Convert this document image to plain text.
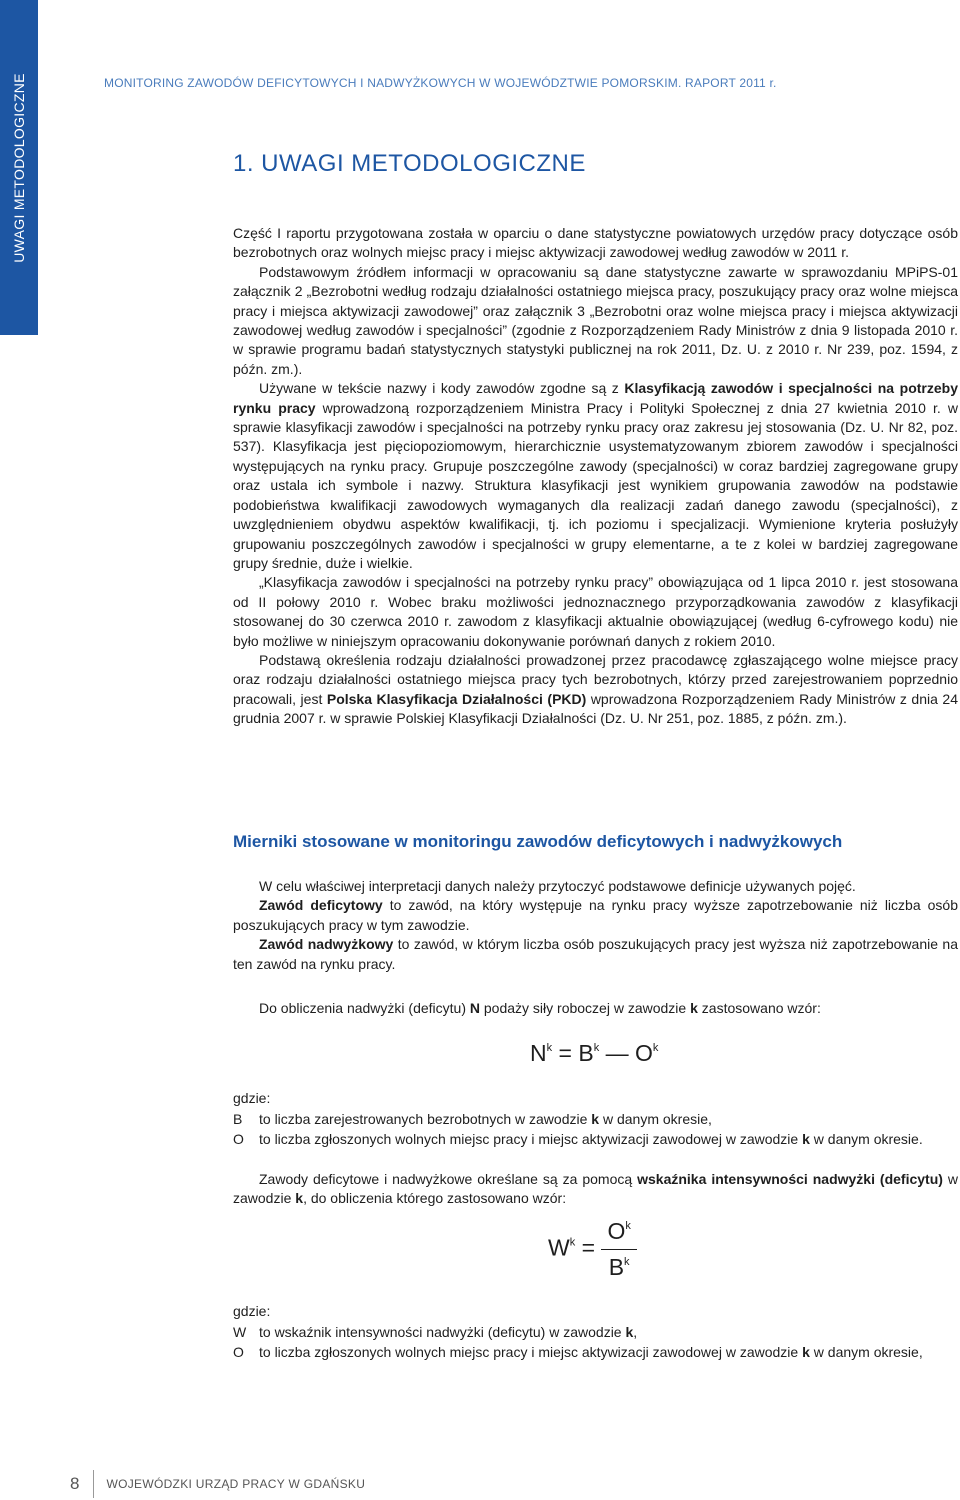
UWAGI METODOLOGICZNE	MONITORING ZAWODÓW DEFICYTOWYCH I NADWYŻKOWYCH W WOJEWÓDZTWIE POMORSKIM. RAPORT 2011 r.
1. UWAGI METODOLOGICZNE

Część I raportu przygotowana została w oparciu o dane statystyczne powiatowych urzędów pracy dotyczące osób bezrobotnych oraz wolnych miejsc pracy i miejsc aktywizacji zawodowej według zawodów w 2011 r.

Podstawowym źródłem informacji w opracowaniu są dane statystyczne zawarte w sprawozdaniu MPiPS-01 załącznik 2 „Bezrobotni według rodzaju działalności ostatniego miejsca pracy, poszukujący pracy oraz wolne miejsca pracy i miejsca aktywizacji zawodowej” oraz załącznik 3 „Bezrobotni oraz wolne miejsca pracy i miejsca aktywizacji zawodowej według zawodów i specjalności” (zgodnie z Rozporządzeniem Rady Ministrów z dnia 9 listopada 2010 r. w sprawie programu badań statystycznych statystyki publicznej na rok 2011, Dz. U. z 2010 r. Nr 239, poz. 1594, z późn. zm.).

Używane w tekście nazwy i kody zawodów zgodne są z Klasyfikacją zawodów i specjalności na potrzeby rynku pracy wprowadzoną rozporządzeniem Ministra Pracy i Polityki Społecznej z dnia 27 kwietnia 2010 r. w sprawie klasyfikacji zawodów i specjalności na potrzeby rynku pracy oraz zakresu jej stosowania (Dz. U. Nr 82, poz. 537). Klasyfikacja jest pięciopoziomowym, hierarchicznie usystematyzowanym zbiorem zawodów i specjalności występujących na rynku pracy. Grupuje poszczególne zawody (specjalności) w coraz bardziej zagregowane grupy oraz ustala ich symbole i nazwy. Struktura klasyfikacji jest wynikiem grupowania zawodów na podstawie podobieństwa kwalifikacji zawodowych wymaganych dla realizacji zadań danego zawodu (specjalności), z uwzględnieniem obydwu aspektów kwalifikacji, tj. ich poziomu i specjalizacji. Wymienione kryteria posłużyły grupowaniu poszczególnych zawodów i specjalności w grupy elementarne, a te z kolei w bardziej zagregowane grupy średnie, duże i wielkie.

„Klasyfikacja zawodów i specjalności na potrzeby rynku pracy” obowiązująca od 1 lipca 2010 r. jest stosowana od II połowy 2010 r. Wobec braku możliwości jednoznacznego przyporządkowania zawodów z klasyfikacji stosowanej do 30 czerwca 2010 r. zawodom z klasyfikacji aktualnie obowiązującej (według 6-cyfrowego kodu) nie było możliwe w niniejszym opracowaniu dokonywanie porównań danych z rokiem 2010.

Podstawą określenia rodzaju działalności prowadzonej przez pracodawcę zgłaszającego wolne miejsce pracy oraz rodzaju działalności ostatniego miejsca pracy tych bezrobotnych, którzy przed zarejestrowaniem poprzednio pracowali, jest Polska Klasyfikacja Działalności (PKD) wprowadzona Rozporządzeniem Rady Ministrów z dnia 24 grudnia 2007 r. w sprawie Polskiej Klasyfikacji Działalności (Dz. U. Nr 251, poz. 1885, z późn. zm.).

Mierniki stosowane w monitoringu zawodów deficytowych i nadwyżkowych

W celu właściwej interpretacji danych należy przytoczyć podstawowe definicje używanych pojęć.

Zawód deficytowy to zawód, na który występuje na rynku pracy wyższe zapotrzebowanie niż liczba osób poszukujących pracy w tym zawodzie.

Zawód nadwyżkowy to zawód, w którym liczba osób poszukujących pracy jest wyższa niż zapotrzebowanie na ten zawód na rynku pracy.

Do obliczenia nadwyżki (deficytu) N podaży siły roboczej w zawodzie k zastosowano wzór:

$N^k = B^k$ — $O^k$
gdzie:
B to liczba zarejestrowanych bezrobotnych w zawodzie k w danym okresie,
O to liczba zgłoszonych wolnych miejsc pracy i miejsc aktywizacji zawodowej w zawodzie k w danym okresie.

Zawody deficytowe i nadwyżkowe określane są za pomocą wskaźnika intensywności nadwyżki (deficytu) w zawodzie k, do obliczenia którego zastosowano wzór:

$W^k = \frac{O^k}{B^k}$
gdzie:
W to wskaźnik intensywności nadwyżki (deficytu) w zawodzie k,
O to liczba zgłoszonych wolnych miejsc pracy i miejsc aktywizacji zawodowej w zawodzie k w danym okresie,
8 WOJEWÓDZKI URZĄD PRACY W GDAŃSKU
